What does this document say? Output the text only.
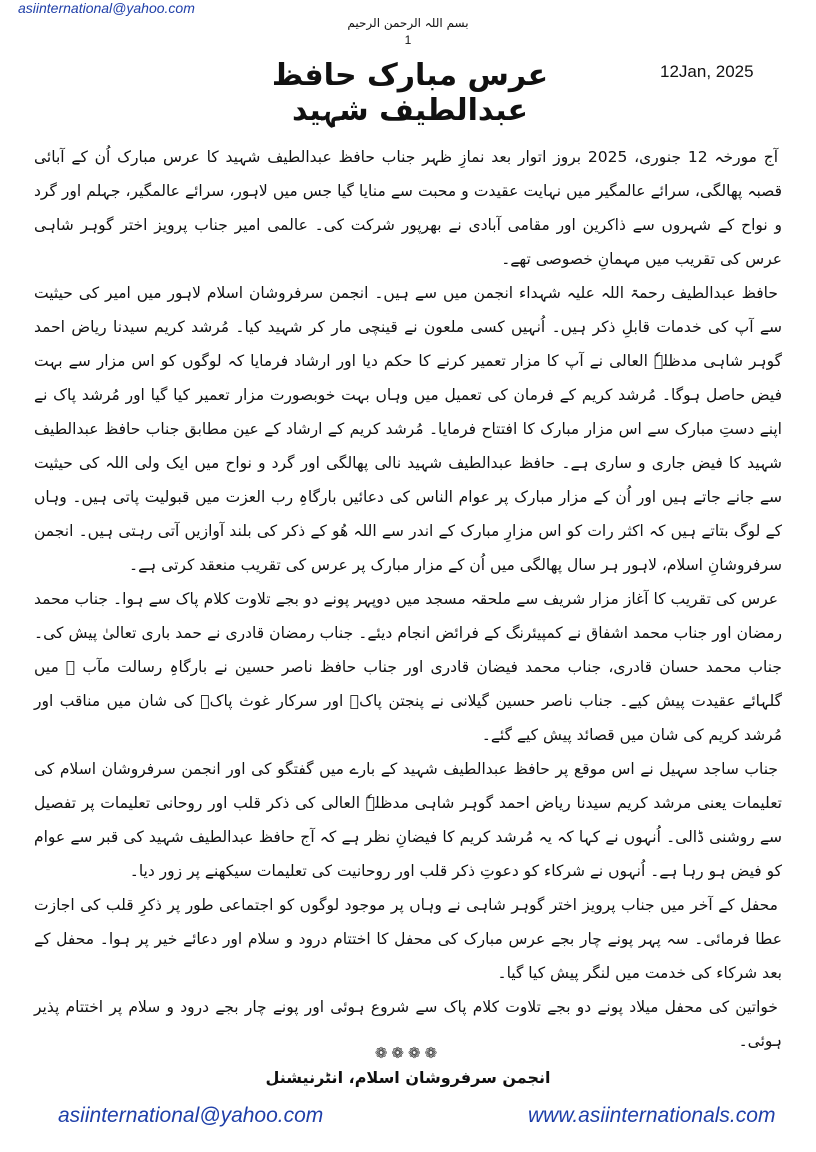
asiinternational@yahoo.com
بسم اللہ الرحمن الرحیم
1
عرس مبارک حافظ عبدالطیف شہید
12Jan, 2025

آج مورخہ 12 جنوری، 2025 بروز اتوار بعد نمازِ ظہر جناب حافظ عبدالطیف شہید کا عرس مبارک اُن کے آبائی قصبہ پھالگی، سرائے عالمگیر میں نہایت عقیدت و محبت سے منایا گیا جس میں لاہور، سرائے عالمگیر، جہلم اور گرد و نواح کے شہروں سے ذاکرین اور مقامی آبادی نے بھرپور شرکت کی۔ عالمی امیر جناب پرویز اختر گوہر شاہی عرس کی تقریب میں مہمانِ خصوصی تھے۔

حافظ عبدالطیف رحمۃ اللہ علیہ شہداء انجمن میں سے ہیں۔ انجمن سرفروشان اسلام لاہور میں امیر کی حیثیت سے آپ کی خدمات قابلِ ذکر ہیں۔ اُنہیں کسی ملعون نے قینچی مار کر شہید کیا۔ مُرشد کریم سیدنا ریاض احمد گوہر شاہی مدظلہٗ العالی نے آپ کا مزار تعمیر کرنے کا حکم دیا اور ارشاد فرمایا کہ لوگوں کو اس مزار سے بہت فیض حاصل ہوگا۔ مُرشد کریم کے فرمان کی تعمیل میں وہاں بہت خوبصورت مزار تعمیر کیا گیا اور مُرشد پاک نے اپنے دستِ مبارک سے اس مزار مبارک کا افتتاح فرمایا۔ مُرشد کریم کے ارشاد کے عین مطابق جناب حافظ عبدالطیف شہید کا فیض جاری و ساری ہے۔ حافظ عبدالطیف شہید نالی پھالگی اور گرد و نواح میں ایک ولی اللہ کی حیثیت سے جانے جاتے ہیں اور اُن کے مزار مبارک پر عوام الناس کی دعائیں بارگاہِ رب العزت میں قبولیت پاتی ہیں۔ وہاں کے لوگ بتاتے ہیں کہ اکثر رات کو اس مزارِ مبارک کے اندر سے اللہ ھُو کے ذکر کی بلند آوازیں آتی رہتی ہیں۔ انجمن سرفروشانِ اسلام، لاہور ہر سال پھالگی میں اُن کے مزار مبارک پر عرس کی تقریب منعقد کرتی ہے۔

عرس کی تقریب کا آغاز مزار شریف سے ملحقہ مسجد میں دوپہر پونے دو بجے تلاوت کلام پاک سے ہوا۔ جناب محمد رمضان اور جناب محمد اشفاق نے کمپیئرنگ کے فرائض انجام دیئے۔ جناب رمضان قادری نے حمد باری تعالیٰ پیش کی۔ جناب محمد حسان قادری، جناب محمد فیضان قادری اور جناب حافظ ناصر حسین نے بارگاہِ رسالت مآب ﷺ میں گلہائے عقیدت پیش کیے۔ جناب ناصر حسین گیلانی نے پنجتن پاکؑ اور سرکار غوث پاکؒ کی شان میں مناقب اور مُرشد کریم کی شان میں قصائد پیش کیے گئے۔

جناب ساجد سہیل نے اس موقع پر حافظ عبدالطیف شہید کے بارے میں گفتگو کی اور انجمن سرفروشان اسلام کی تعلیمات یعنی مرشد کریم سیدنا ریاض احمد گوہر شاہی مدظلہٗ العالی کی ذکر قلب اور روحانی تعلیمات پر تفصیل سے روشنی ڈالی۔ اُنہوں نے کہا کہ یہ مُرشد کریم کا فیضانِ نظر ہے کہ آج حافظ عبدالطیف شہید کی قبر سے عوام کو فیض ہو رہا ہے۔ اُنہوں نے شرکاء کو دعوتِ ذکر قلب اور روحانیت کی تعلیمات سیکھنے پر زور دیا۔

محفل کے آخر میں جناب پرویز اختر گوہر شاہی نے وہاں پر موجود لوگوں کو اجتماعی طور پر ذکرِ قلب کی اجازت عطا فرمائی۔ سہ پہر پونے چار بجے عرس مبارک کی محفل کا اختتام درود و سلام اور دعائے خیر پر ہوا۔ محفل کے بعد شرکاء کی خدمت میں لنگر پیش کیا گیا۔

خواتین کی محفل میلاد پونے دو بجے تلاوت کلام پاک سے شروع ہوئی اور پونے چار بجے درود و سلام پر اختتام پذیر ہوئی۔

❁❁❁❁
انجمن سرفروشان اسلام، انٹرنیشنل
asiinternational@yahoo.com	www.asiinternationals.com
